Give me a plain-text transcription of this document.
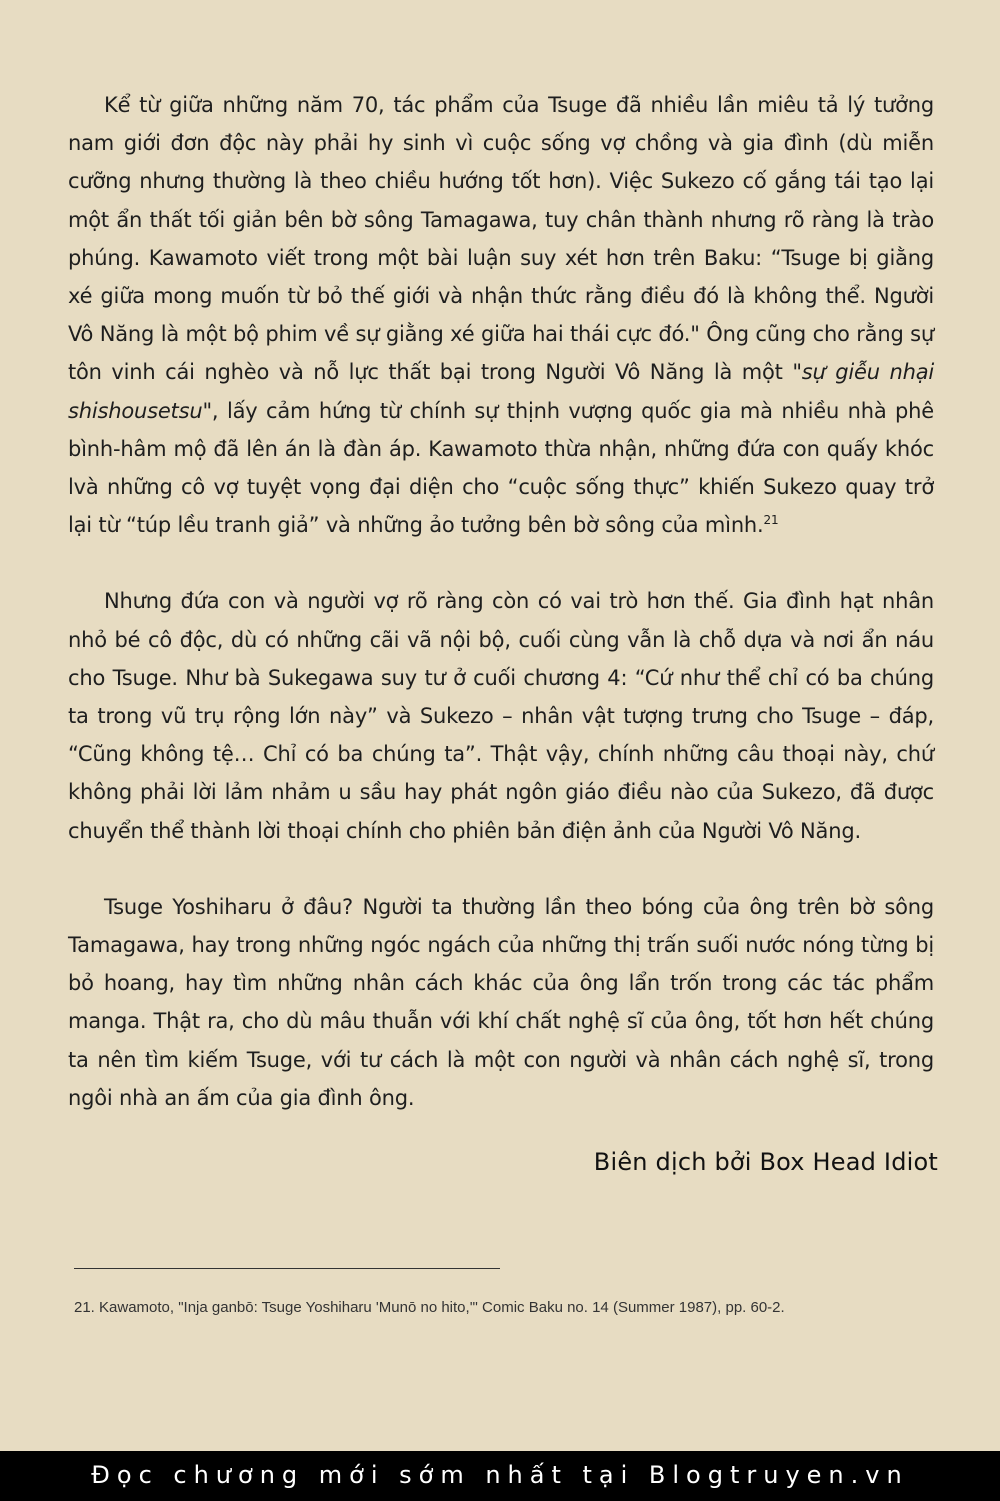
Kể từ giữa những năm 70, tác phẩm của Tsuge đã nhiều lần miêu tả lý tưởng nam giới đơn độc này phải hy sinh vì cuộc sống vợ chồng và gia đình (dù miễn cưỡng nhưng thường là theo chiều hướng tốt hơn). Việc Sukezo cố gắng tái tạo lại một ẩn thất tối giản bên bờ sông Tamagawa, tuy chân thành nhưng rõ ràng là trào phúng. Kawamoto viết trong một bài luận suy xét hơn trên Baku: “Tsuge bị giằng xé giữa mong muốn từ bỏ thế giới và nhận thức rằng điều đó là không thể. Người Vô Năng là một bộ phim về sự giằng xé giữa hai thái cực đó." Ông cũng cho rằng sự tôn vinh cái nghèo và nỗ lực thất bại trong Người Vô Năng là một "sự giễu nhại shishousetsu", lấy cảm hứng từ chính sự thịnh vượng quốc gia mà nhiều nhà phê bình-hâm mộ đã lên án là đàn áp. Kawamoto thừa nhận, những đứa con quấy khóc lvà những cô vợ tuyệt vọng đại diện cho “cuộc sống thực” khiến Sukezo quay trở lại từ “túp lều tranh giả” và những ảo tưởng bên bờ sông của mình.$^{21}$

Nhưng đứa con và người vợ rõ ràng còn có vai trò hơn thế. Gia đình hạt nhân nhỏ bé cô độc, dù có những cãi vã nội bộ, cuối cùng vẫn là chỗ dựa và nơi ẩn náu cho Tsuge. Như bà Sukegawa suy tư ở cuối chương 4: “Cứ như thể chỉ có ba chúng ta trong vũ trụ rộng lớn này” và Sukezo – nhân vật tượng trưng cho Tsuge – đáp, “Cũng không tệ… Chỉ có ba chúng ta”. Thật vậy, chính những câu thoại này, chứ không phải lời lảm nhảm u sầu hay phát ngôn giáo điều nào của Sukezo, đã được chuyển thể thành lời thoại chính cho phiên bản điện ảnh của Người Vô Năng.

Tsuge Yoshiharu ở đâu? Người ta thường lần theo bóng của ông trên bờ sông Tamagawa, hay trong những ngóc ngách của những thị trấn suối nước nóng từng bị bỏ hoang, hay tìm những nhân cách khác của ông lẩn trốn trong các tác phẩm manga. Thật ra, cho dù mâu thuẫn với khí chất nghệ sĩ của ông, tốt hơn hết chúng ta nên tìm kiếm Tsuge, với tư cách là một con người và nhân cách nghệ sĩ, trong ngôi nhà an ấm của gia đình ông.

Biên dịch bởi Box Head Idiot
21. Kawamoto, "Inja ganbō: Tsuge Yoshiharu 'Munō no hito,'" Comic Baku no. 14 (Summer 1987), pp. 60-2.
Đọc chương mới sớm nhất tại Blogtruyen.vn
